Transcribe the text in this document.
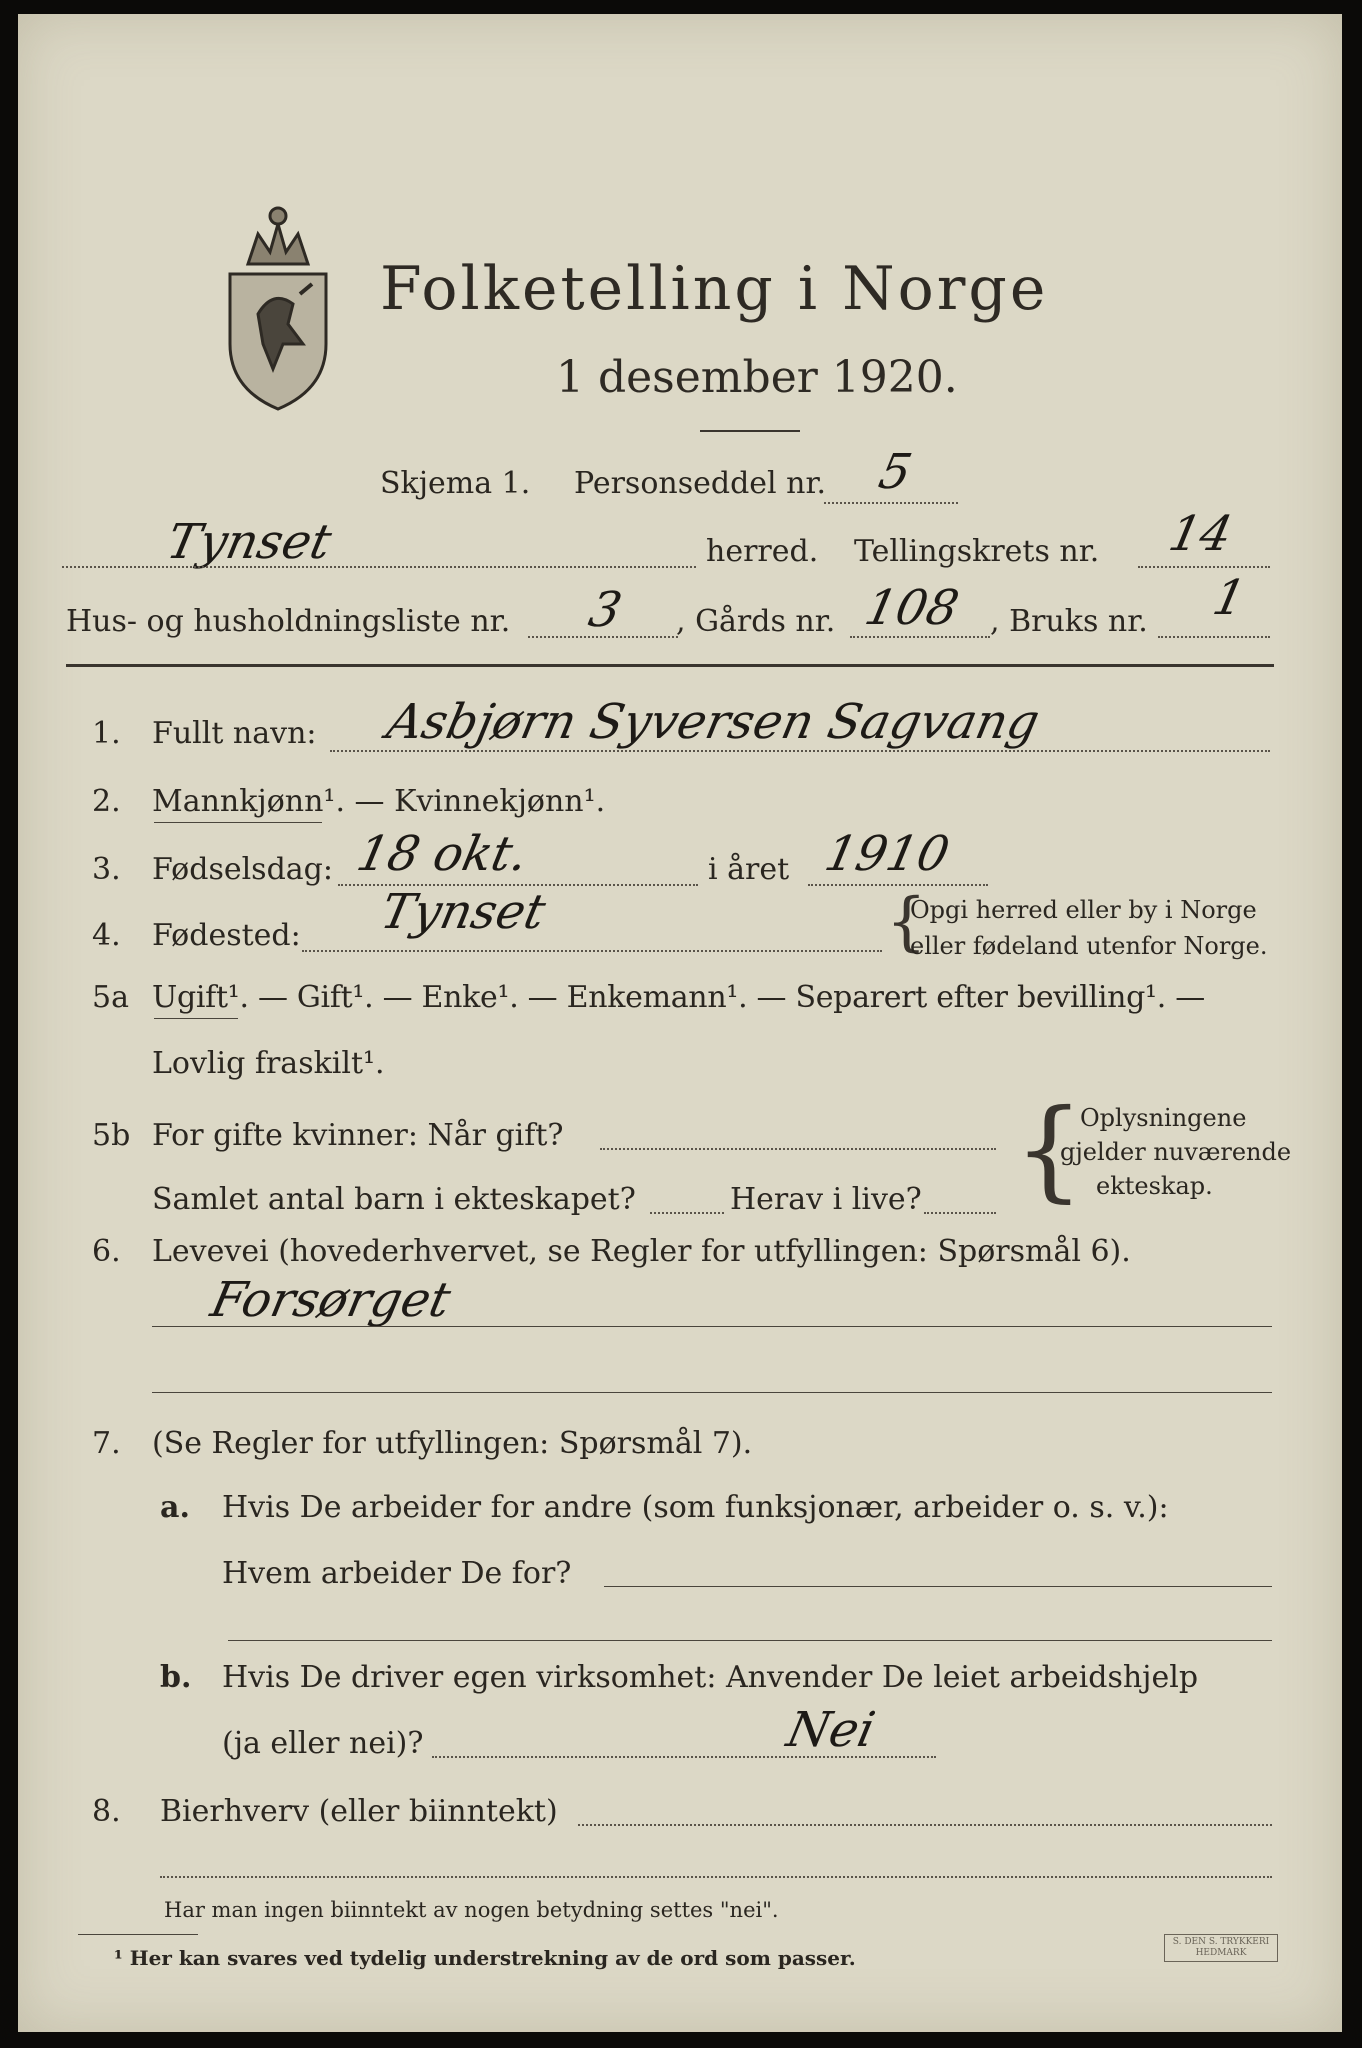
Folketelling i Norge
1 desember 1920.
Skjema 1. Personseddel nr. 5
Tynset	herred. Tellingskrets nr. 14
Hus- og husholdningsliste nr. 3 , Gårds nr. 108 , Bruks nr. 1
1. Fullt navn: Asbjørn Syversen Sagvang
2. Mannkjønn¹. — Kvinnekjønn¹.
3. Fødselsdag: 18 okt.	i året 1910
4. Fødested: Tynset	{
Opgi herred eller by i Norge
eller fødeland utenfor Norge.
5a Ugift¹. — Gift¹. — Enke¹. — Enkemann¹. — Separert efter bevilling¹. —
Lovlig fraskilt¹.
5b For gifte kvinner: Når gift?
Samlet antal barn i ekteskapet?	Herav i live? {
Oplysningene
gjelder nuværende
ekteskap.
6. Levevei (hovederhvervet, se Regler for utfyllingen: Spørsmål 6).
Forsørget
7. (Se Regler for utfyllingen: Spørsmål 7).
a. Hvis De arbeider for andre (som funksjonær, arbeider o. s. v.):
Hvem arbeider De for?
b. Hvis De driver egen virksomhet: Anvender De leiet arbeidshjelp
(ja eller nei)?	Nei
8. Bierhverv (eller biinntekt)
Har man ingen biinntekt av nogen betydning settes "nei".
¹ Her kan svares ved tydelig understrekning av de ord som passer.
S. DEN S. TRYKKERI
HEDMARK
